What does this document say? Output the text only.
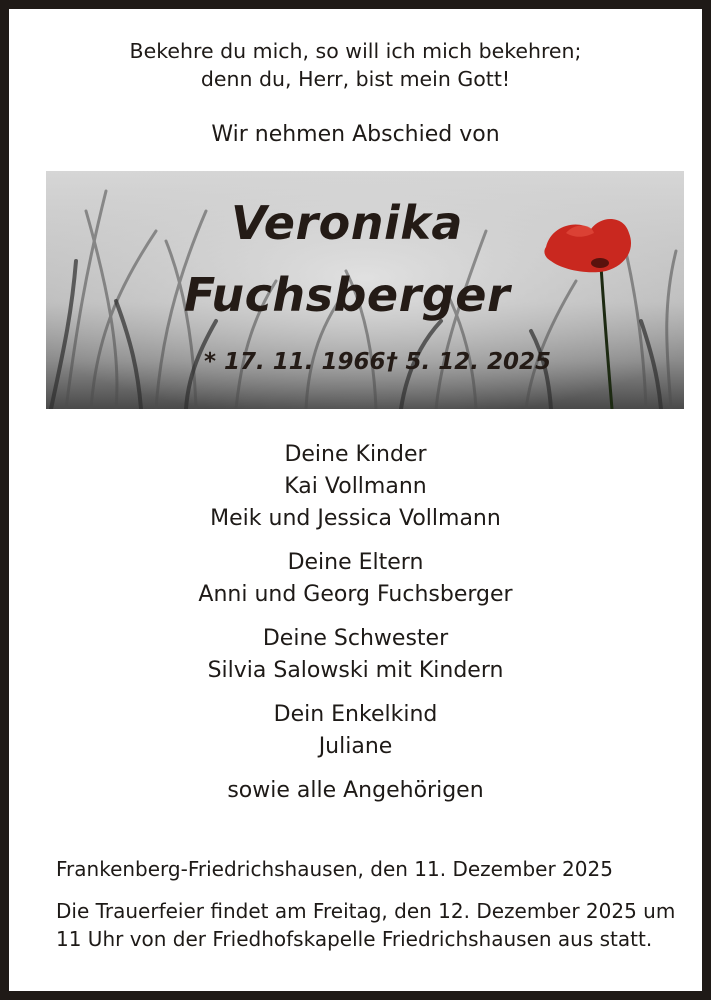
Bekehre du mich, so will ich mich bekehren;
denn du, Herr, bist mein Gott!
Wir nehmen Abschied von
Veronika
Fuchsberger
* 17. 11. 1966 † 5. 12. 2025
Deine Kinder
Kai Vollmann
Meik und Jessica Vollmann
Deine Eltern
Anni und Georg Fuchsberger
Deine Schwester
Silvia Salowski mit Kindern
Dein Enkelkind
Juliane
sowie alle Angehörigen
Frankenberg-Friedrichshausen, den 11. Dezember 2025
Die Trauerfeier findet am Freitag, den 12. Dezember 2025 um 11 Uhr von der Friedhofskapelle Friedrichshausen aus statt.
